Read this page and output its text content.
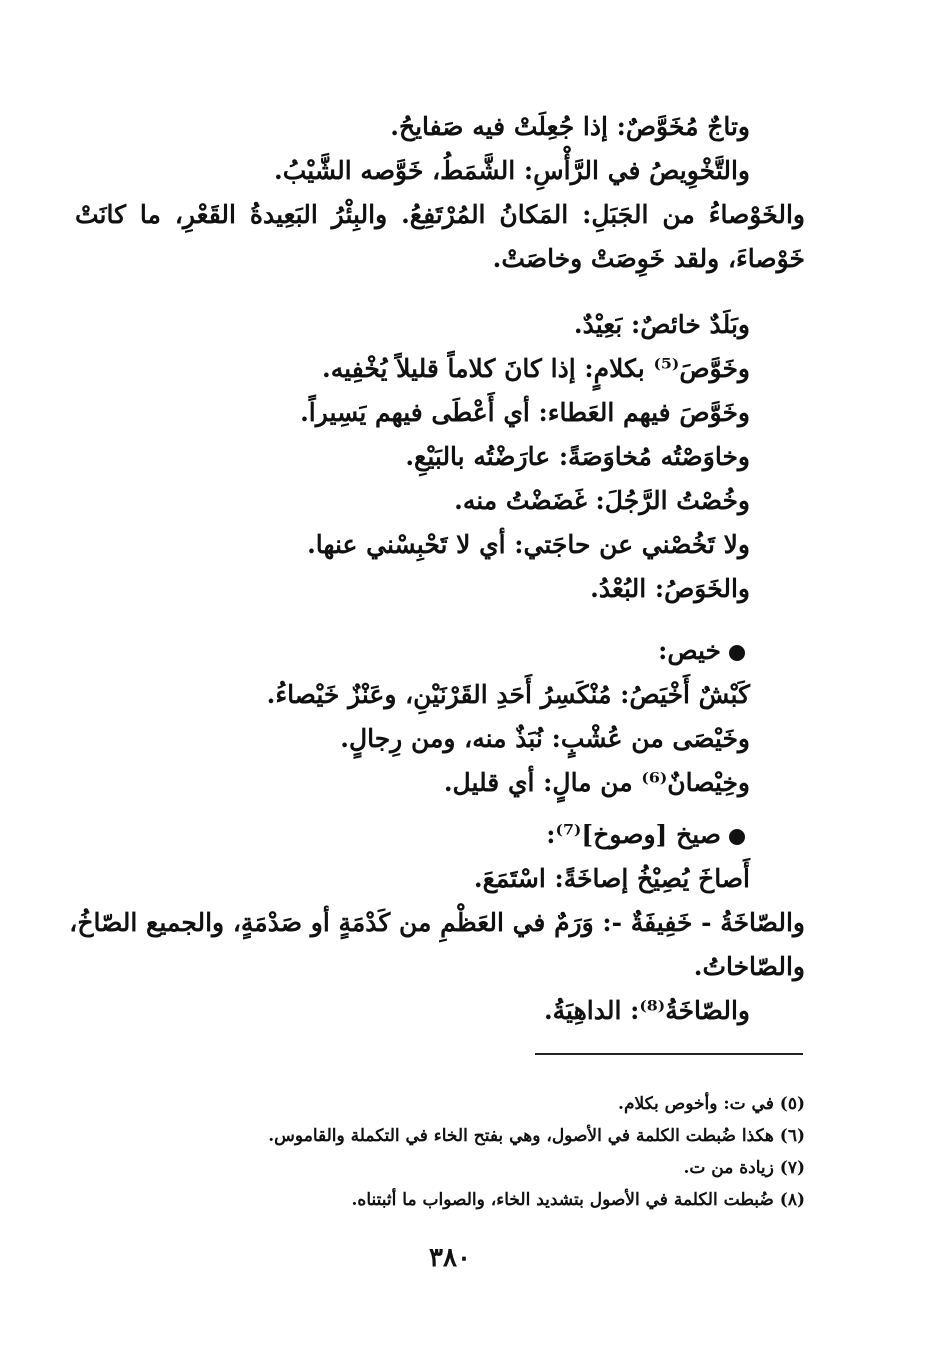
وتاجٌ مُخَوَّصٌ: إذا جُعِلَتْ فيه صَفايحُ.
والتَّخْوِيصُ في الرَّأْسِ: الشَّمَطُ، خَوَّصه الشَّيْبُ.
والخَوْصاءُ من الجَبَلِ: المَكانُ المُرْتَفِعُ. والبِئْرُ البَعِيدةُ القَعْرِ، ما كانَتْ
خَوْصاءَ، ولقد خَوِصَتْ وخاصَتْ.
وبَلَدٌ خائصٌ: بَعِيْدٌ.
وخَوَّصَ⁽⁵⁾ بكلامٍ: إذا كانَ كلاماً قليلاً يُخْفِيه.
وخَوَّصَ فيهم العَطاء: أي أَعْطَى فيهم يَسِيراً.
وخاوَصْتُه مُخاوَصَةً: عارَضْتُه بالبَيْعِ.
وخُصْتُ الرَّجُلَ: غَضَضْتُ منه.
ولا تَخُصْني عن حاجَتي: أي لا تَحْبِسْني عنها.
والخَوَصُ: البُعْدُ.
خيص:
كَبْشٌ أَخْيَصُ: مُنْكَسِرُ أَحَدِ القَرْنَيْنِ، وعَنْزٌ خَيْصاءُ.
وخَيْصَى من عُشْبٍ: نُبَذٌ منه، ومن رِجالٍ.
وخِيْصانٌ⁽⁶⁾ من مالٍ: أي قليل.
صيخ [وصوخ]⁽⁷⁾:
أَصاخَ يُصِيْخُ إصاخَةً: اسْتَمَعَ.
والصّاخَةُ - خَفِيفَةٌ -: وَرَمٌ في العَظْمِ من كَدْمَةٍ أو صَدْمَةٍ، والجميع الصّاخُ،
والصّاخاتُ.
والصّاخَةُ⁽⁸⁾: الداهِيَةُ.
(٥) في ت: وأخوص بكلام.
(٦) هكذا ضُبطت الكلمة في الأصول، وهي بفتح الخاء في التكملة والقاموس.
(٧) زيادة من ت.
(٨) ضُبطت الكلمة في الأصول بتشديد الخاء، والصواب ما أثبتناه.
٣٨٠
